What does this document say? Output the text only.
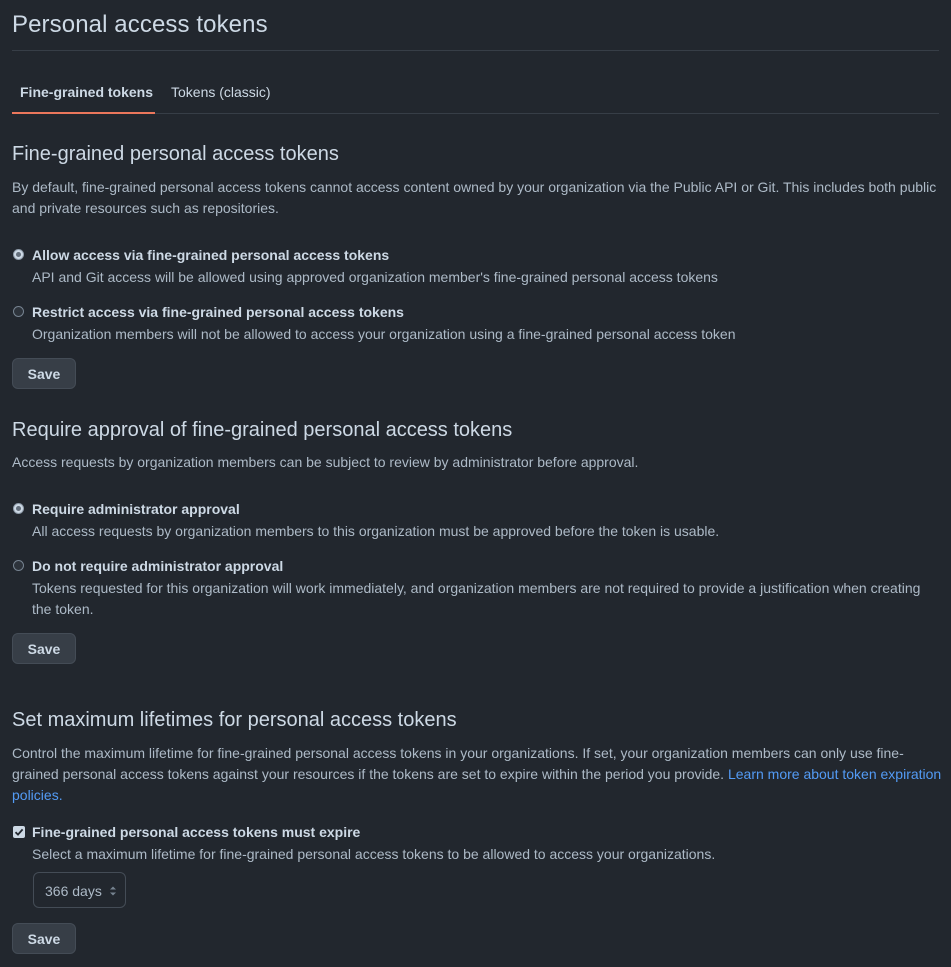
Personal access tokens
Fine-grained tokens Tokens (classic)
Fine-grained personal access tokens
By default, fine-grained personal access tokens cannot access content owned by your organization via the Public API or Git. This includes both public and private resources such as repositories.
Allow access via fine-grained personal access tokens
API and Git access will be allowed using approved organization member's fine-grained personal access tokens
Restrict access via fine-grained personal access tokens
Organization members will not be allowed to access your organization using a fine-grained personal access token
Save
Require approval of fine-grained personal access tokens
Access requests by organization members can be subject to review by administrator before approval.
Require administrator approval
All access requests by organization members to this organization must be approved before the token is usable.
Do not require administrator approval
Tokens requested for this organization will work immediately, and organization members are not required to provide a justification when creating the token.
Save
Set maximum lifetimes for personal access tokens
Control the maximum lifetime for fine-grained personal access tokens in your organizations. If set, your organization members can only use fine-grained personal access tokens against your resources if the tokens are set to expire within the period you provide. Learn more about token expiration policies.
Fine-grained personal access tokens must expire
Select a maximum lifetime for fine-grained personal access tokens to be allowed to access your organizations.
366 days
Save
